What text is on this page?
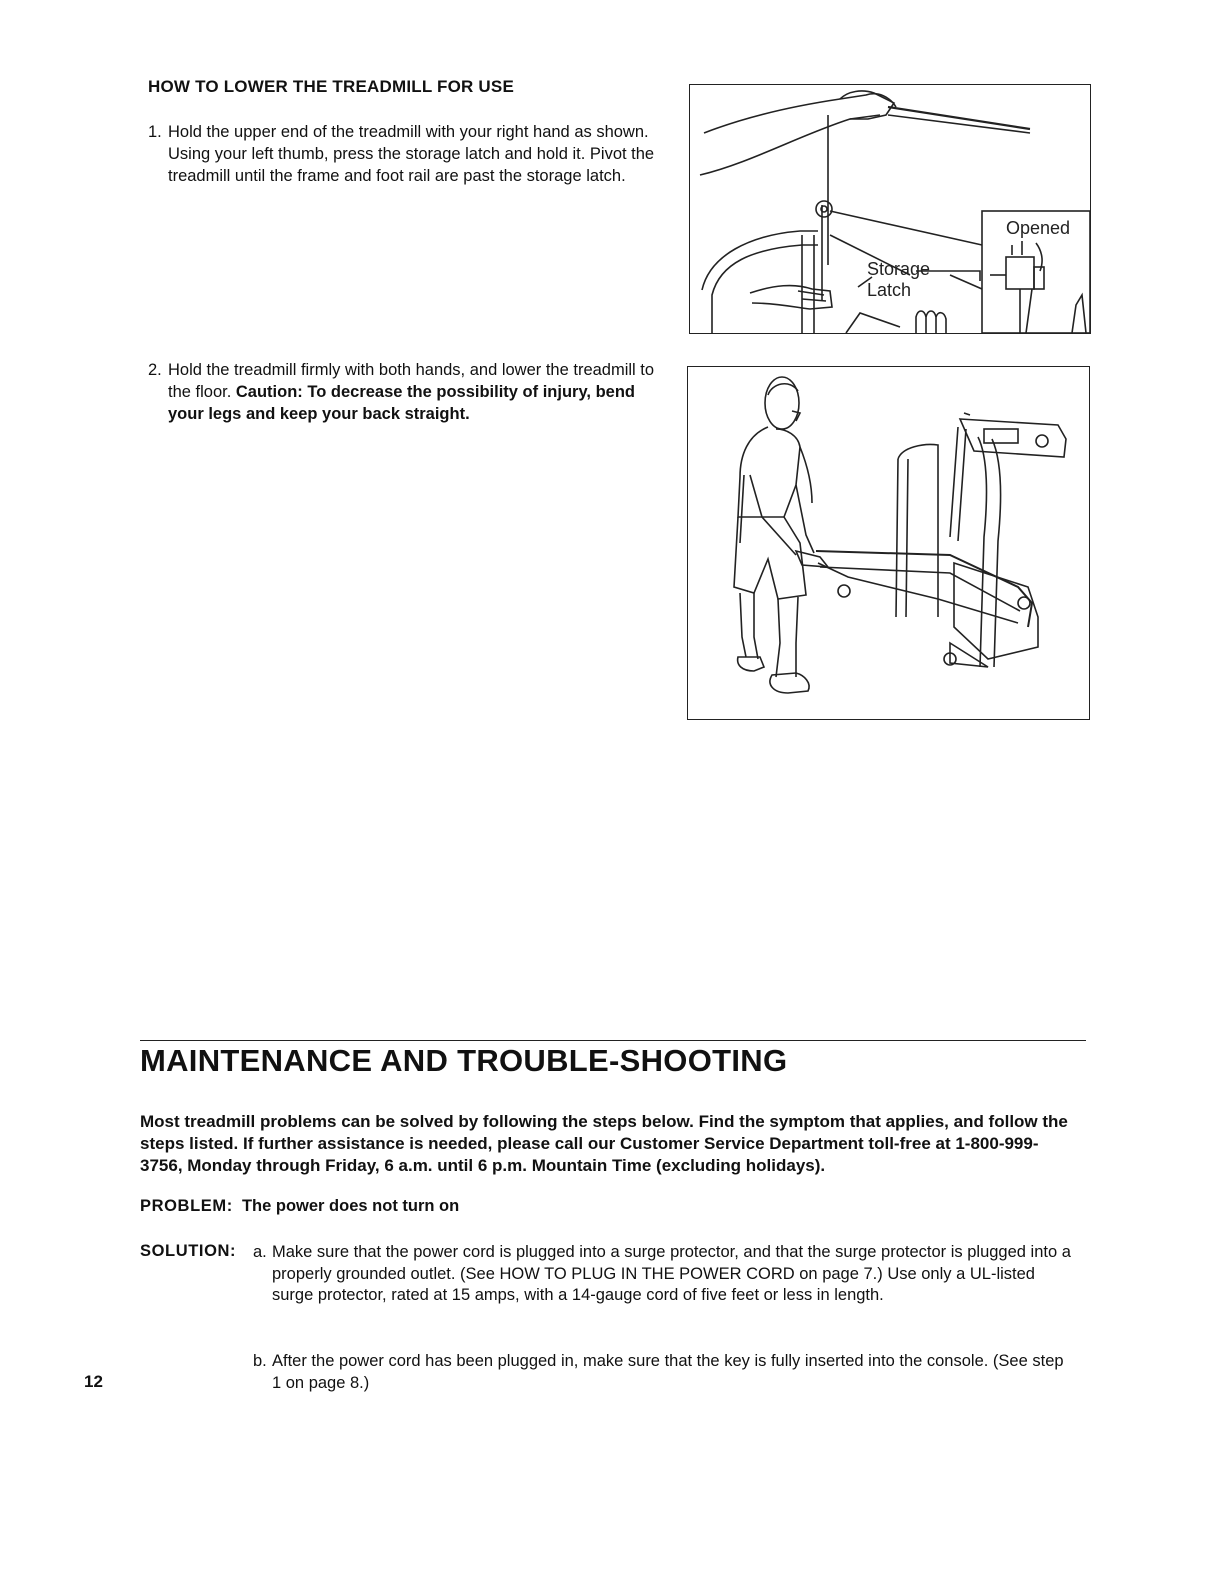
HOW TO LOWER THE TREADMILL FOR USE
1. Hold the upper end of the treadmill with your right hand as shown. Using your left thumb, press the storage latch and hold it. Pivot the treadmill until the frame and foot rail are past the storage latch.
2. Hold the treadmill firmly with both hands, and lower the treadmill to the floor. Caution: To decrease the possibility of injury, bend your legs and keep your back straight.
Storage
Latch
Opened
MAINTENANCE AND TROUBLE-SHOOTING
Most treadmill problems can be solved by following the steps below. Find the symptom that applies, and follow the steps listed. If further assistance is needed, please call our Customer Service Department toll-free at 1-800-999-3756, Monday through Friday, 6 a.m. until 6 p.m. Mountain Time (excluding holidays).
PROBLEM: The power does not turn on
SOLUTION: a. Make sure that the power cord is plugged into a surge protector, and that the surge protector is plugged into a properly grounded outlet. (See HOW TO PLUG IN THE POWER CORD on page 7.) Use only a UL-listed surge protector, rated at 15 amps, with a 14-gauge cord of five feet or less in length.
b. After the power cord has been plugged in, make sure that the key is fully inserted into the console. (See step 1 on page 8.)
12
